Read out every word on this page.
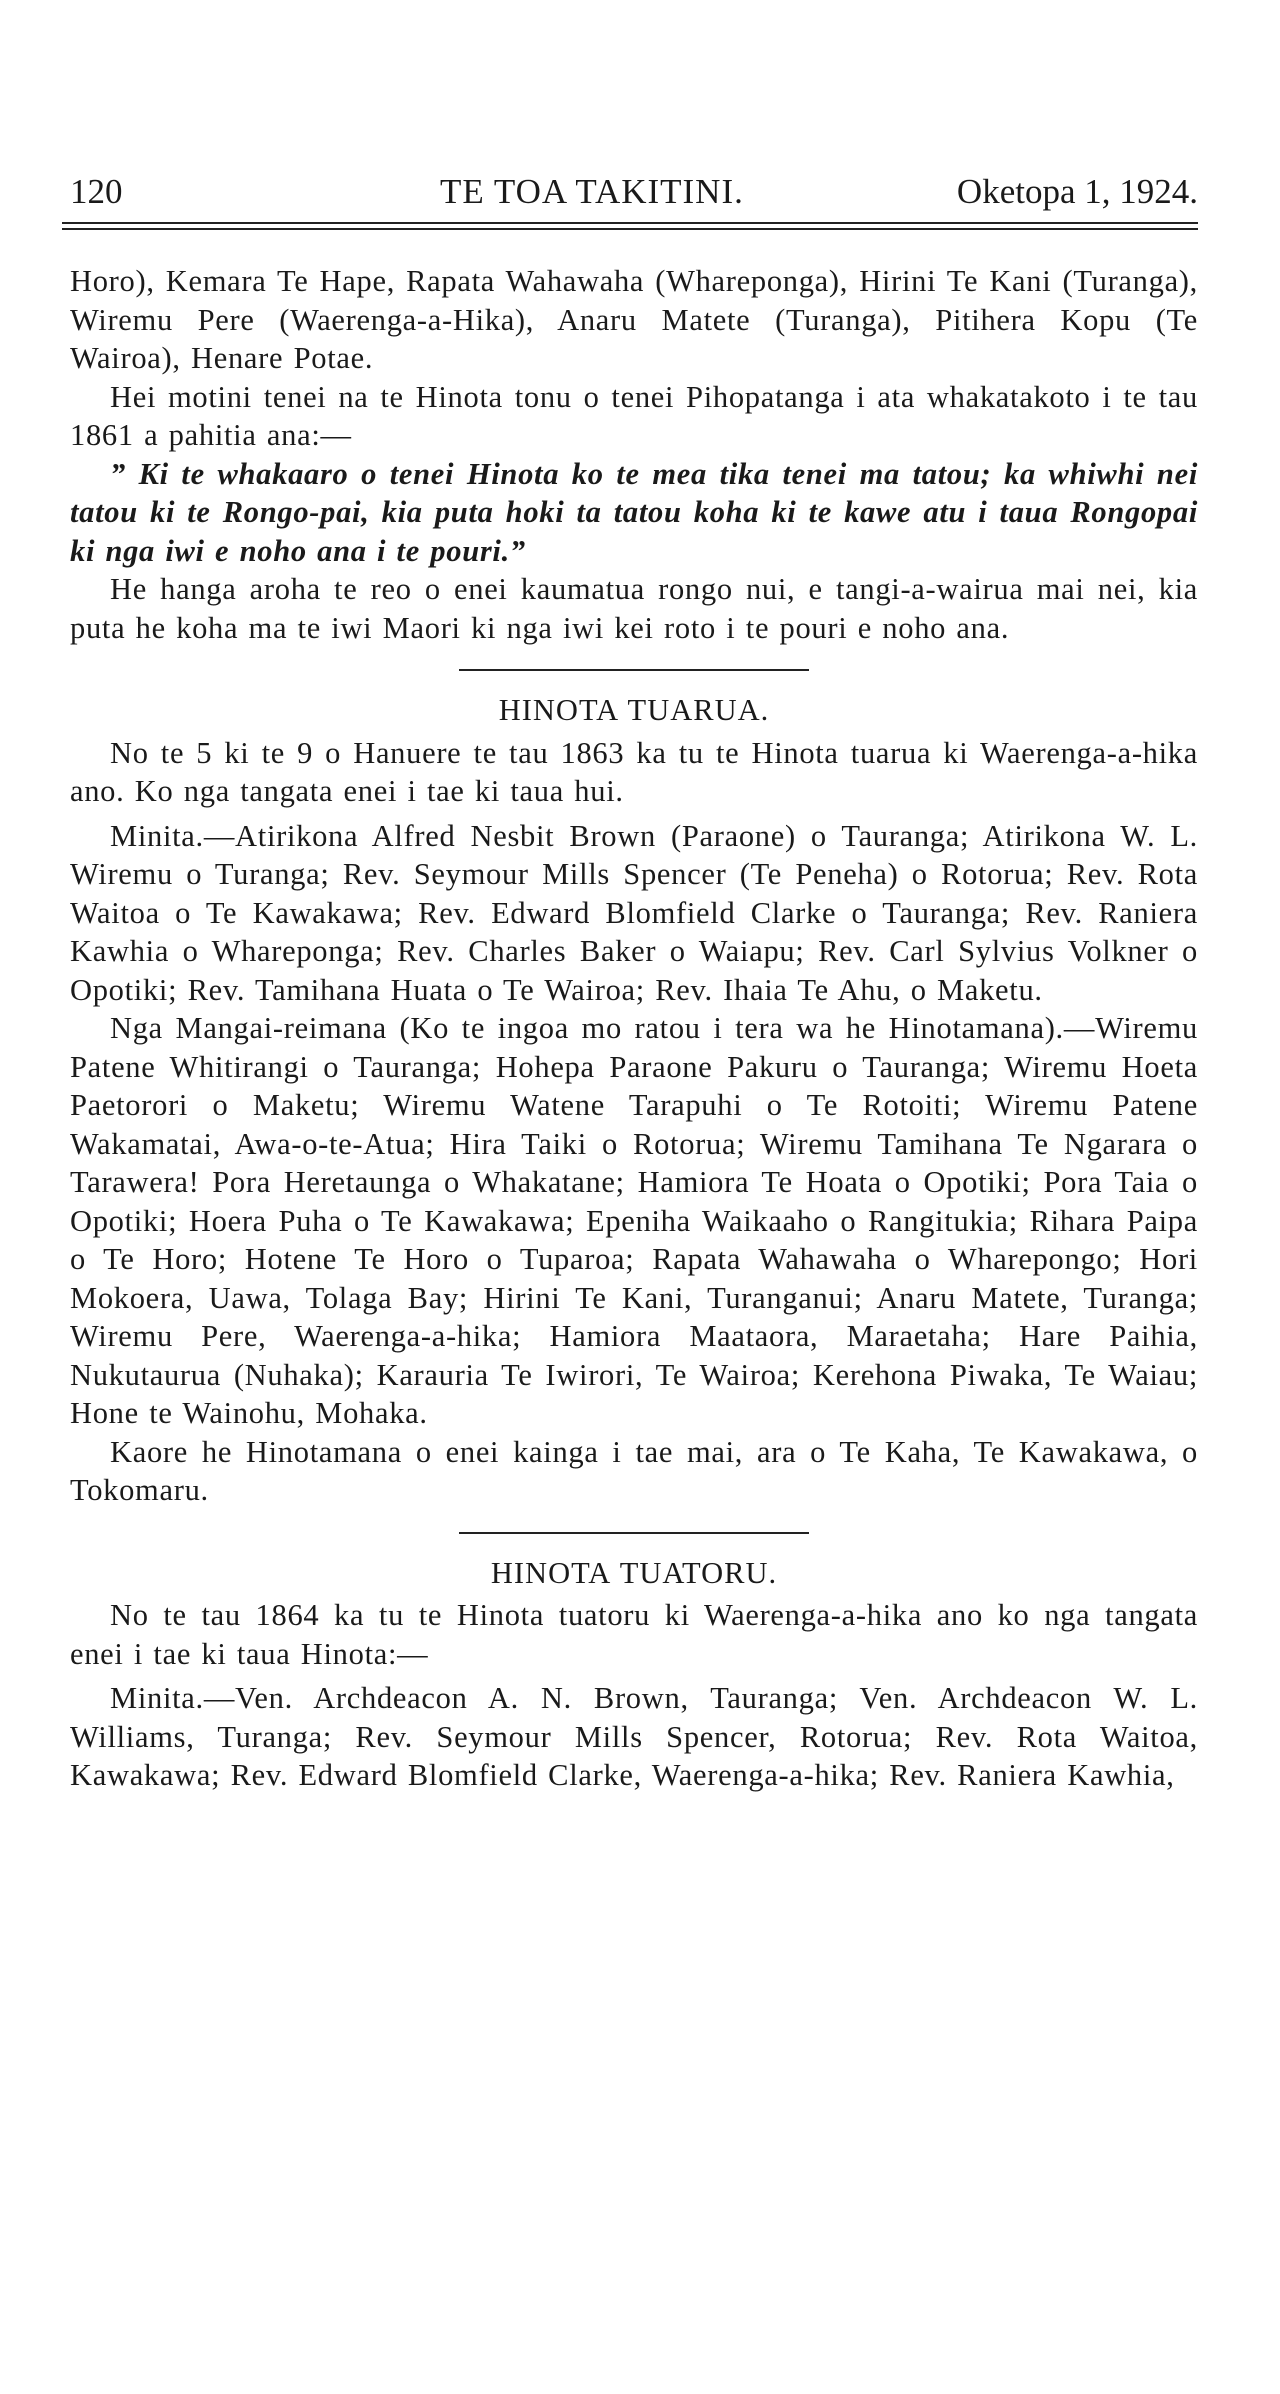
120	TE TOA TAKITINI.	Oketopa 1, 1924.

Horo), Kemara Te Hape, Rapata Wahawaha (Whareponga), Hirini Te Kani (Turanga), Wiremu Pere (Waerenga-a-Hika), Anaru Matete (Turanga), Pitihera Kopu (Te Wairoa), Henare Potae.

Hei motini tenei na te Hinota tonu o tenei Pihopatanga i ata whakatakoto i te tau 1861 a pahitia ana:—

” Ki te whakaaro o tenei Hinota ko te mea tika tenei ma tatou; ka whiwhi nei tatou ki te Rongo-pai, kia puta hoki ta tatou koha ki te kawe atu i taua Rongopai ki nga iwi e noho ana i te pouri.”

He hanga aroha te reo o enei kaumatua rongo nui, e tangi-a-wairua mai nei, kia puta he koha ma te iwi Maori ki nga iwi kei roto i te pouri e noho ana.

HINOTA TUARUA.

No te 5 ki te 9 o Hanuere te tau 1863 ka tu te Hinota tuarua ki Waerenga-a-hika ano. Ko nga tangata enei i tae ki taua hui.

Minita.—Atirikona Alfred Nesbit Brown (Paraone) o Tauranga; Atirikona W. L. Wiremu o Turanga; Rev. Seymour Mills Spencer (Te Peneha) o Rotorua; Rev. Rota Waitoa o Te Kawakawa; Rev. Edward Blomfield Clarke o Tauranga; Rev. Raniera Kawhia o Whareponga; Rev. Charles Baker o Waiapu; Rev. Carl Sylvius Volkner o Opotiki; Rev. Tamihana Huata o Te Wairoa; Rev. Ihaia Te Ahu, o Maketu.

Nga Mangai-reimana (Ko te ingoa mo ratou i tera wa he Hinotamana).—Wiremu Patene Whitirangi o Tauranga; Hohepa Paraone Pakuru o Tauranga; Wiremu Hoeta Paetorori o Maketu; Wiremu Watene Tarapuhi o Te Rotoiti; Wiremu Patene Wakamatai, Awa-o-te-Atua; Hira Taiki o Rotorua; Wiremu Tamihana Te Ngarara o Tarawera! Pora Heretaunga o Whakatane; Hamiora Te Hoata o Opotiki; Pora Taia o Opotiki; Hoera Puha o Te Kawakawa; Epeniha Waikaaho o Rangitukia; Rihara Paipa o Te Horo; Hotene Te Horo o Tuparoa; Rapata Wahawaha o Wharepongo; Hori Mokoera, Uawa, Tolaga Bay; Hirini Te Kani, Turanganui; Anaru Matete, Turanga; Wiremu Pere, Waerenga-a-hika; Hamiora Maataora, Maraetaha; Hare Paihia, Nukutaurua (Nuhaka); Karauria Te Iwirori, Te Wairoa; Kerehona Piwaka, Te Waiau; Hone te Wainohu, Mohaka.

Kaore he Hinotamana o enei kainga i tae mai, ara o Te Kaha, Te Kawakawa, o Tokomaru.

HINOTA TUATORU.

No te tau 1864 ka tu te Hinota tuatoru ki Waerenga-a-hika ano ko nga tangata enei i tae ki taua Hinota:—

Minita.—Ven. Archdeacon A. N. Brown, Tauranga; Ven. Archdeacon W. L. Williams, Turanga; Rev. Seymour Mills Spencer, Rotorua; Rev. Rota Waitoa, Kawakawa; Rev. Edward Blomfield Clarke, Waerenga-a-hika; Rev. Raniera Kawhia,
